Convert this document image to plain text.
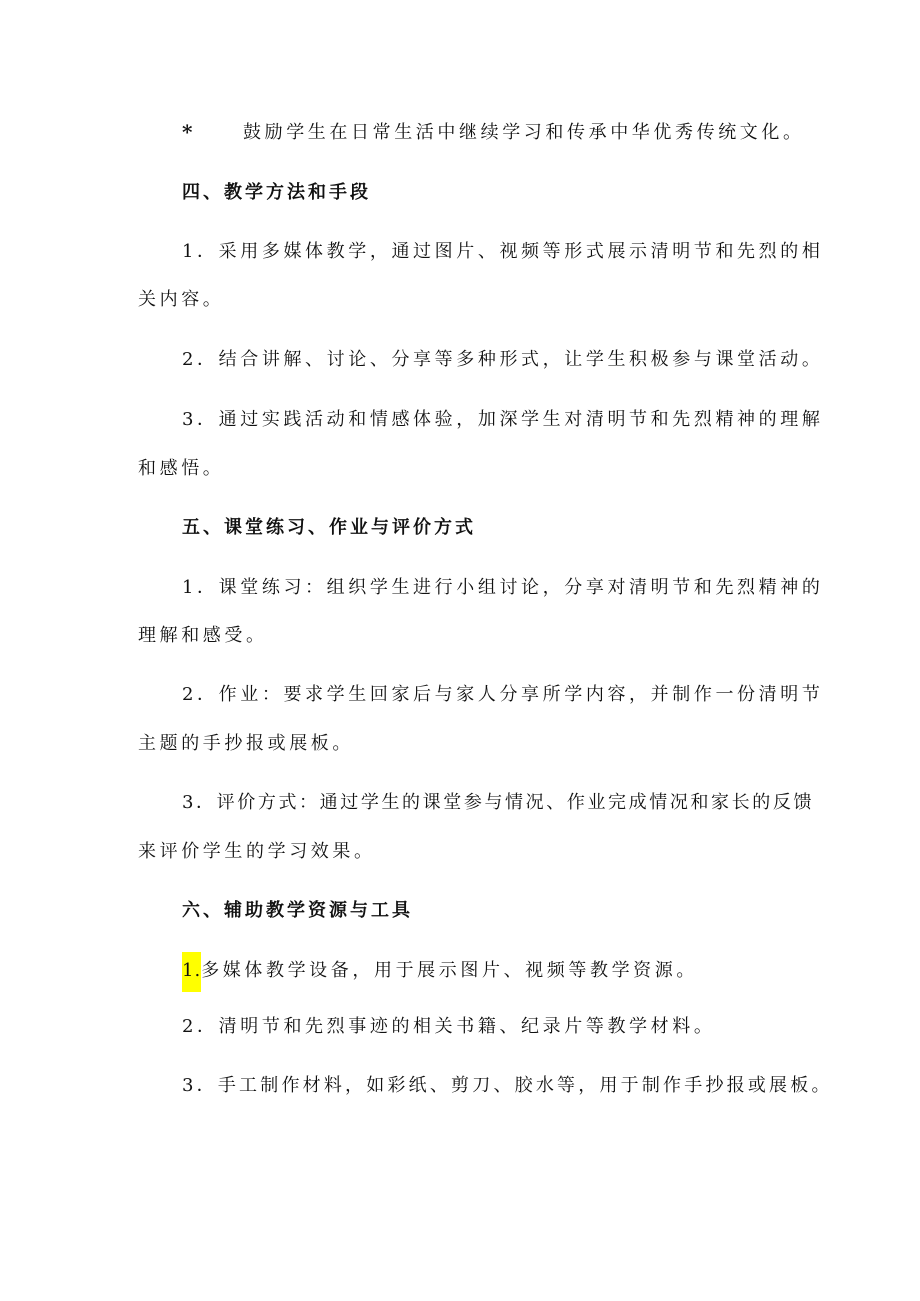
*	鼓励学生在日常生活中继续学习和传承中华优秀传统文化。
四、教学方法和手段
1．采用多媒体教学，通过图片、视频等形式展示清明节和先烈的相
关内容。
2．结合讲解、讨论、分享等多种形式，让学生积极参与课堂活动。
3．通过实践活动和情感体验，加深学生对清明节和先烈精神的理解
和感悟。
五、课堂练习、作业与评价方式
1．课堂练习：组织学生进行小组讨论，分享对清明节和先烈精神的
理解和感受。
2．作业：要求学生回家后与家人分享所学内容，并制作一份清明节
主题的手抄报或展板。
3．评价方式：通过学生的课堂参与情况、作业完成情况和家长的反馈
来评价学生的学习效果。
六、辅助教学资源与工具
1.多媒体教学设备，用于展示图片、视频等教学资源。
2．清明节和先烈事迹的相关书籍、纪录片等教学材料。
3．手工制作材料，如彩纸、剪刀、胶水等，用于制作手抄报或展板。
